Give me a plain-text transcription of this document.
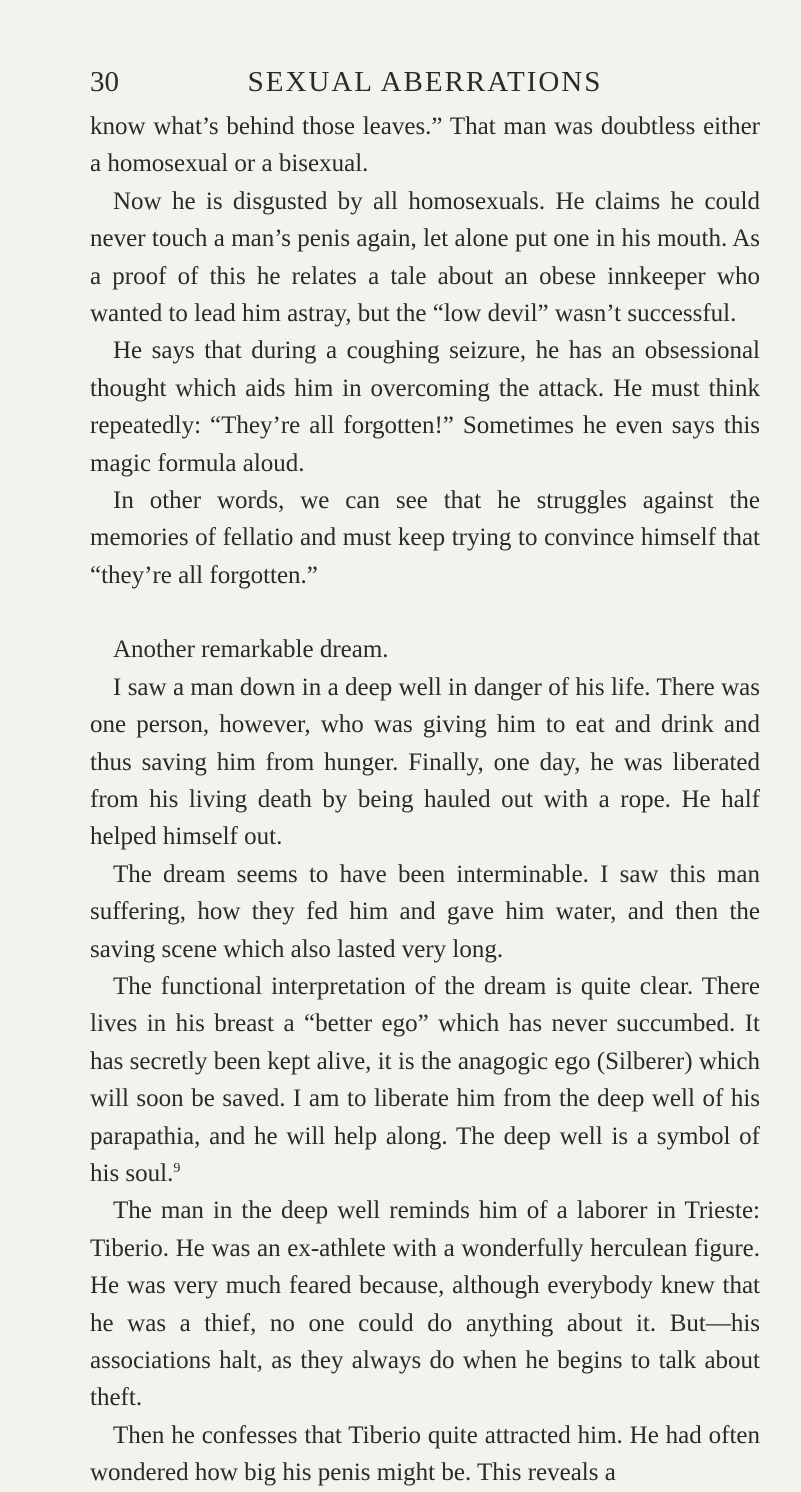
30	SEXUAL ABERRATIONS

know what’s behind those leaves.” That man was doubtless either a homosexual or a bisexual.

Now he is disgusted by all homosexuals. He claims he could never touch a man’s penis again, let alone put one in his mouth. As a proof of this he relates a tale about an obese innkeeper who wanted to lead him astray, but the “low devil” wasn’t successful.

He says that during a coughing seizure, he has an obsessional thought which aids him in overcoming the attack. He must think repeatedly: “They’re all forgotten!” Sometimes he even says this magic formula aloud.

In other words, we can see that he struggles against the memories of fellatio and must keep trying to convince himself that “they’re all forgotten.”

Another remarkable dream.

I saw a man down in a deep well in danger of his life. There was one person, however, who was giving him to eat and drink and thus saving him from hunger. Finally, one day, he was liberated from his living death by being hauled out with a rope. He half helped himself out.

The dream seems to have been interminable. I saw this man suffering, how they fed him and gave him water, and then the saving scene which also lasted very long.

The functional interpretation of the dream is quite clear. There lives in his breast a “better ego” which has never succumbed. It has secretly been kept alive, it is the anagogic ego (Silberer) which will soon be saved. I am to liberate him from the deep well of his parapathia, and he will help along. The deep well is a symbol of his soul.$^9$

The man in the deep well reminds him of a laborer in Trieste: Tiberio. He was an ex-athlete with a wonderfully herculean figure. He was very much feared because, although everybody knew that he was a thief, no one could do anything about it. But—his associations halt, as they always do when he begins to talk about theft.

Then he confesses that Tiberio quite attracted him. He had often wondered how big his penis might be. This reveals a
